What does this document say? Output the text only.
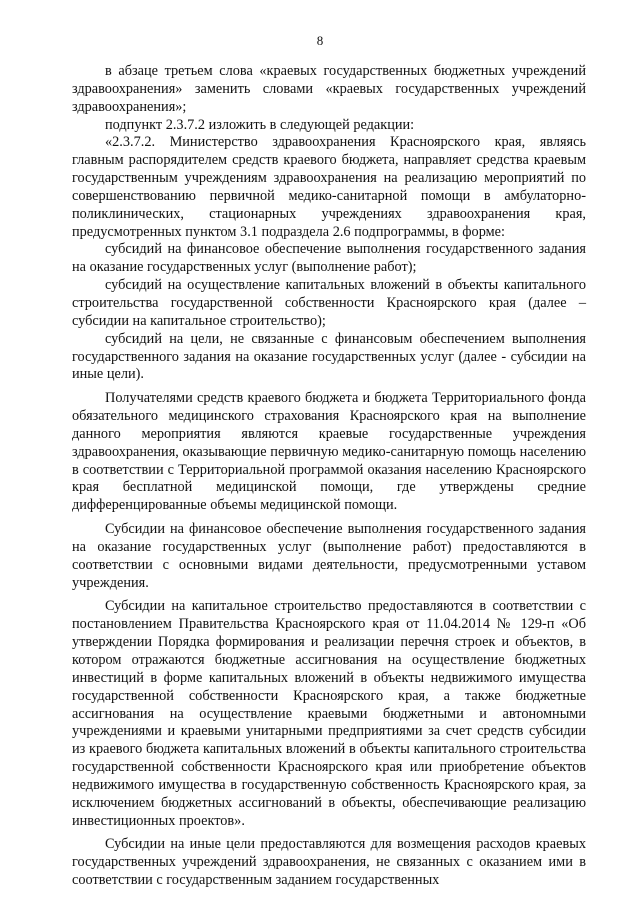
8

в абзаце третьем слова «краевых государственных бюджетных учреждений здравоохранения» заменить словами «краевых государственных учреждений здравоохранения»;

подпункт 2.3.7.2 изложить в следующей редакции:

«2.3.7.2. Министерство здравоохранения Красноярского края, являясь главным распорядителем средств краевого бюджета, направляет средства краевым государственным учреждениям здравоохранения на реализацию мероприятий по совершенствованию первичной медико-санитарной помощи в амбулаторно-поликлинических, стационарных учреждениях здравоохранения края, предусмотренных пунктом 3.1 подраздела 2.6 подпрограммы, в форме:

субсидий на финансовое обеспечение выполнения государственного задания на оказание государственных услуг (выполнение работ);

субсидий на осуществление капитальных вложений в объекты капитального строительства государственной собственности Красноярского края (далее – субсидии на капитальное строительство);

субсидий на цели, не связанные с финансовым обеспечением выполнения государственного задания на оказание государственных услуг (далее - субсидии на иные цели).

Получателями средств краевого бюджета и бюджета Территориального фонда обязательного медицинского страхования Красноярского края на выполнение данного мероприятия являются краевые государственные учреждения здравоохранения, оказывающие первичную медико-санитарную помощь населению в соответствии с Территориальной программой оказания населению Красноярского края бесплатной медицинской помощи, где утверждены средние дифференцированные объемы медицинской помощи.

Субсидии на финансовое обеспечение выполнения государственного задания на оказание государственных услуг (выполнение работ) предоставляются в соответствии с основными видами деятельности, предусмотренными уставом учреждения.

Субсидии на капитальное строительство предоставляются в соответствии с постановлением Правительства Красноярского края от 11.04.2014 № 129-п «Об утверждении Порядка формирования и реализации перечня строек и объектов, в котором отражаются бюджетные ассигнования на осуществление бюджетных инвестиций в форме капитальных вложений в объекты недвижимого имущества государственной собственности Красноярского края, а также бюджетные ассигнования на осуществление краевыми бюджетными и автономными учреждениями и краевыми унитарными предприятиями за счет средств субсидии из краевого бюджета капитальных вложений в объекты капитального строительства государственной собственности Красноярского края или приобретение объектов недвижимого имущества в государственную собственность Красноярского края, за исключением бюджетных ассигнований в объекты, обеспечивающие реализацию инвестиционных проектов».

Субсидии на иные цели предоставляются для возмещения расходов краевых государственных учреждений здравоохранения, не связанных с оказанием ими в соответствии с государственным заданием государственных
